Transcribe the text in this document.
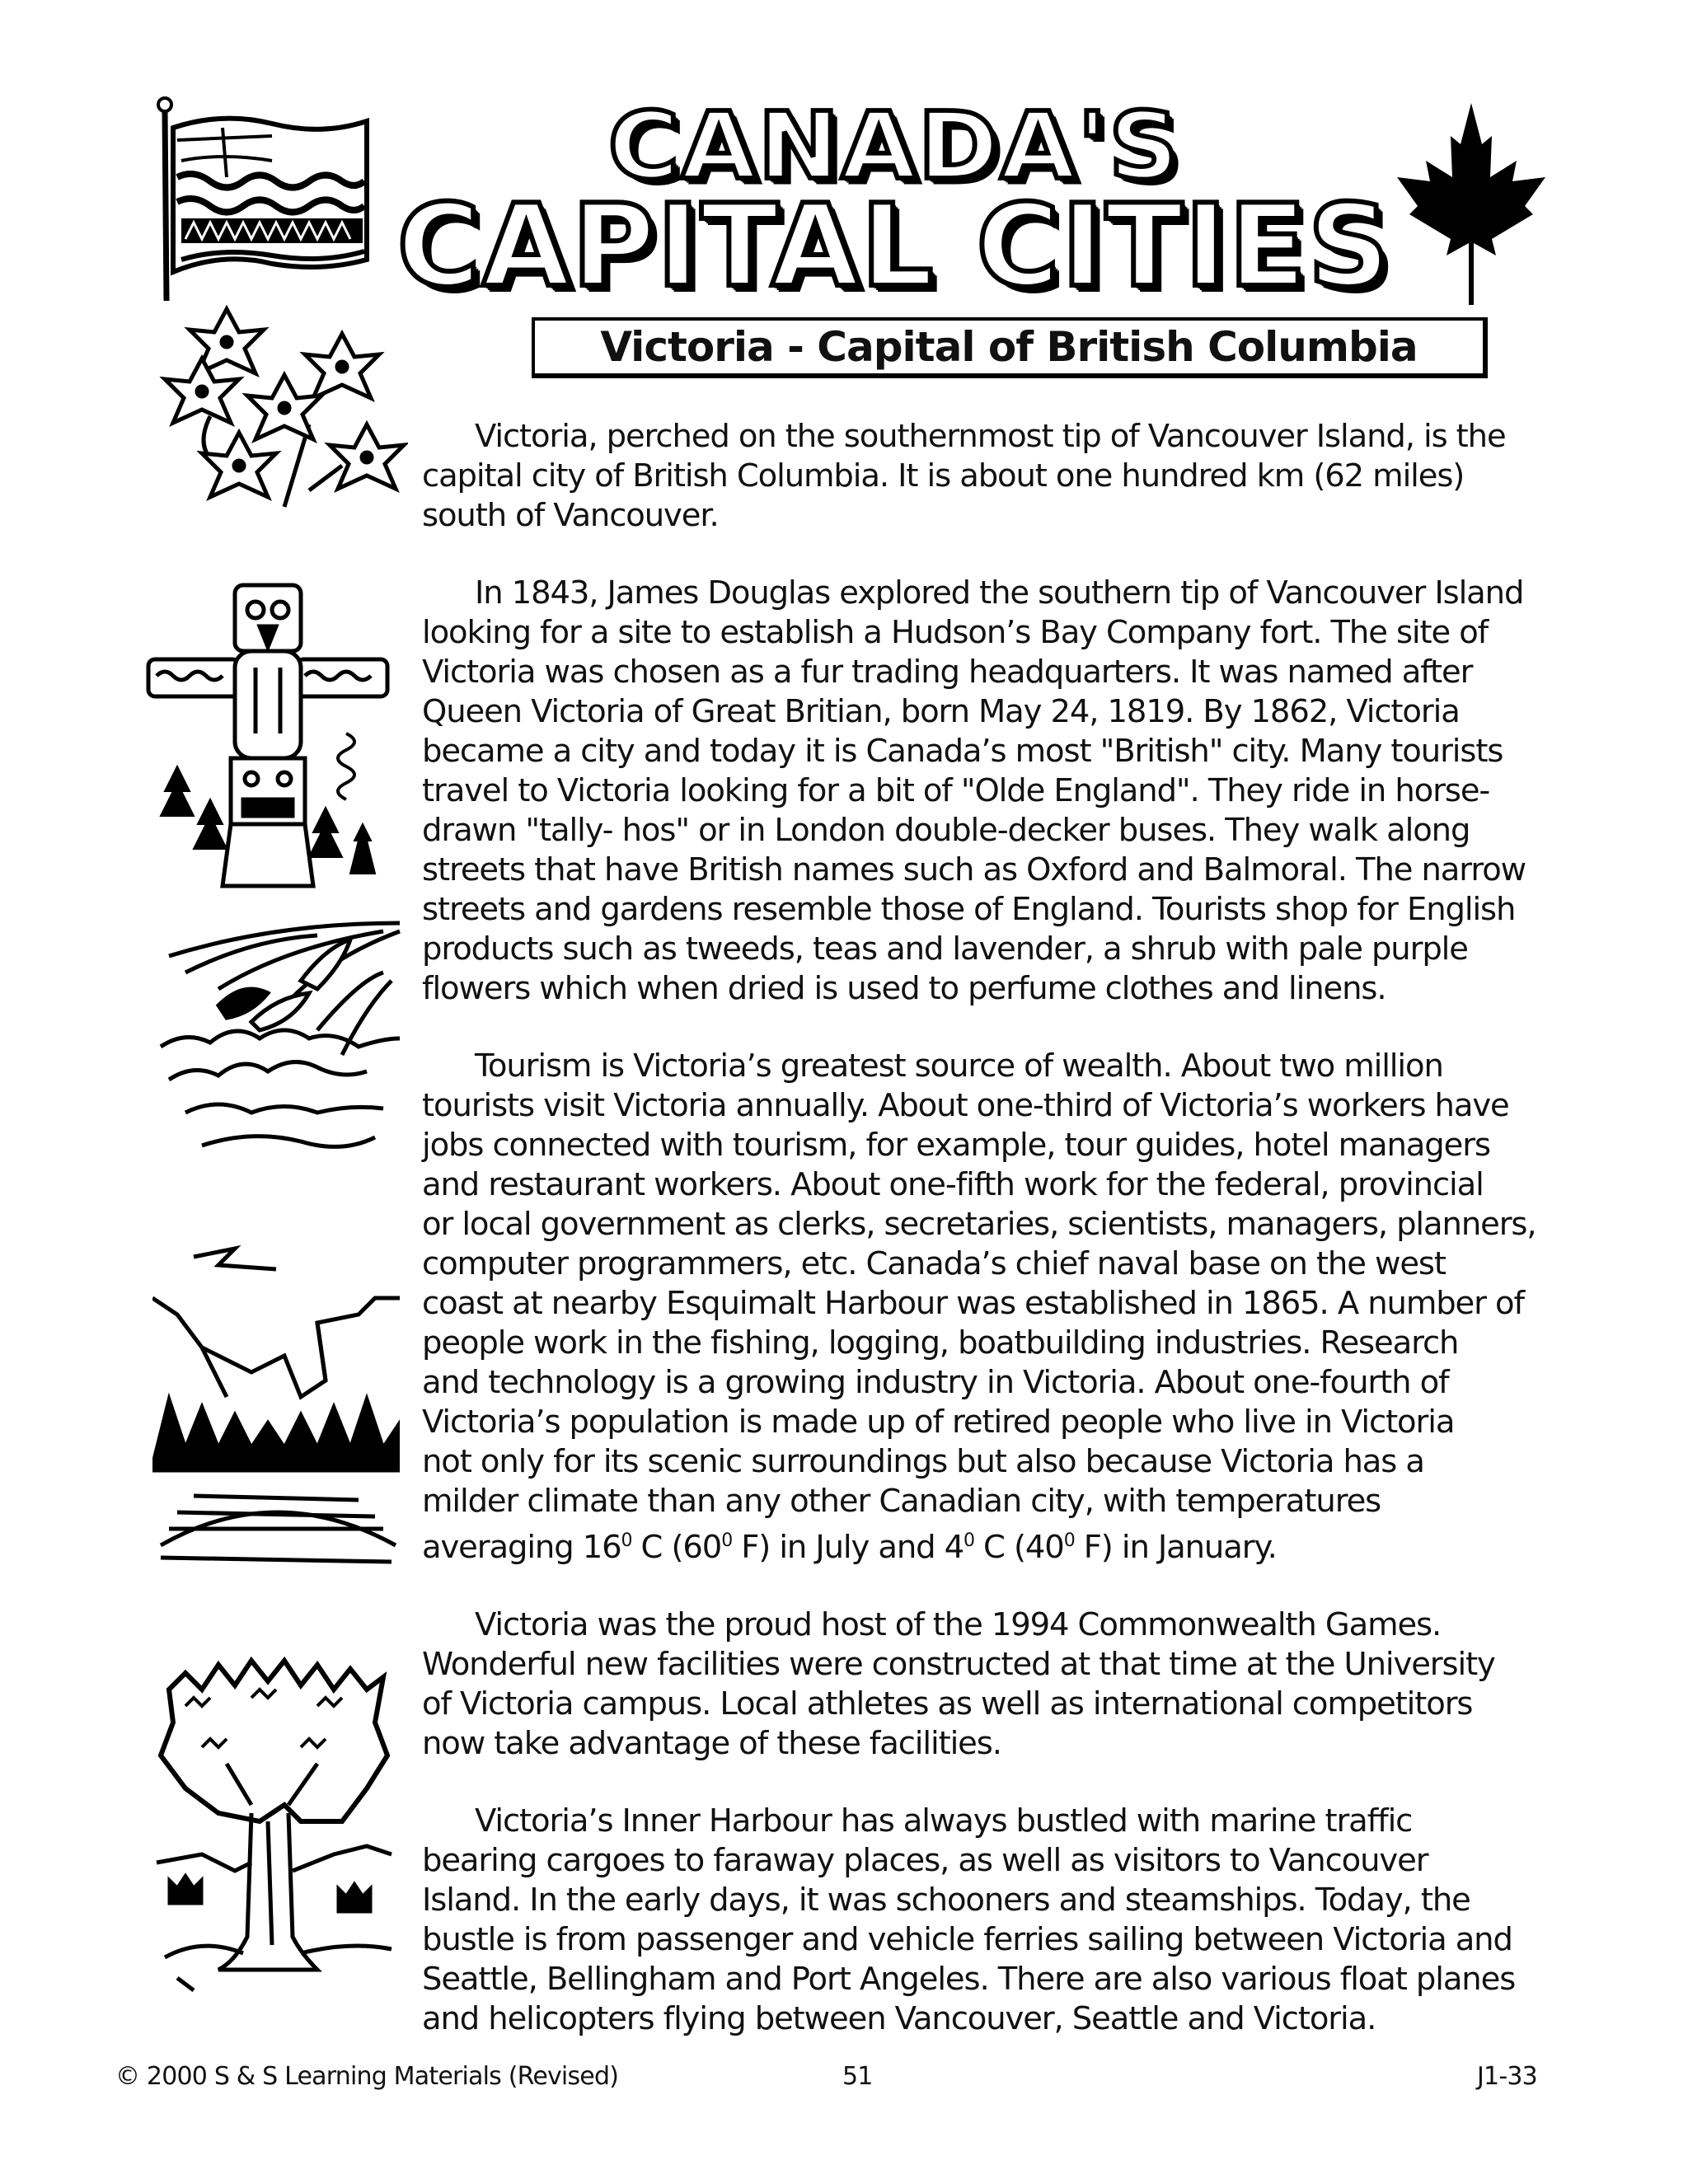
CANADA'S
CAPITAL CITIES
Victoria - Capital of British Columbia

Victoria, perched on the southernmost tip of Vancouver Island, is the
capital city of British Columbia. It is about one hundred km (62 miles)
south of Vancouver.

In 1843, James Douglas explored the southern tip of Vancouver Island
looking for a site to establish a Hudson’s Bay Company fort. The site of
Victoria was chosen as a fur trading headquarters. It was named after
Queen Victoria of Great Britian, born May 24, 1819. By 1862, Victoria
became a city and today it is Canada’s most "British" city. Many tourists
travel to Victoria looking for a bit of "Olde England". They ride in horse-
drawn "tally- hos" or in London double-decker buses. They walk along
streets that have British names such as Oxford and Balmoral. The narrow
streets and gardens resemble those of England. Tourists shop for English
products such as tweeds, teas and lavender, a shrub with pale purple
flowers which when dried is used to perfume clothes and linens.

Tourism is Victoria’s greatest source of wealth. About two million
tourists visit Victoria annually. About one-third of Victoria’s workers have
jobs connected with tourism, for example, tour guides, hotel managers
and restaurant workers. About one-fifth work for the federal, provincial
or local government as clerks, secretaries, scientists, managers, planners,
computer programmers, etc. Canada’s chief naval base on the west
coast at nearby Esquimalt Harbour was established in 1865. A number of
people work in the fishing, logging, boatbuilding industries. Research
and technology is a growing industry in Victoria. About one-fourth of
Victoria’s population is made up of retired people who live in Victoria
not only for its scenic surroundings but also because Victoria has a
milder climate than any other Canadian city, with temperatures
averaging $16^0$ C ($60^0$ F) in July and $4^0$ C ($40^0$ F) in January.

Victoria was the proud host of the 1994 Commonwealth Games.
Wonderful new facilities were constructed at that time at the University
of Victoria campus. Local athletes as well as international competitors
now take advantage of these facilities.

Victoria’s Inner Harbour has always bustled with marine traffic
bearing cargoes to faraway places, as well as visitors to Vancouver
Island. In the early days, it was schooners and steamships. Today, the
bustle is from passenger and vehicle ferries sailing between Victoria and
Seattle, Bellingham and Port Angeles. There are also various float planes
and helicopters flying between Vancouver, Seattle and Victoria.

© 2000 S & S Learning Materials (Revised)	51	J1-33
